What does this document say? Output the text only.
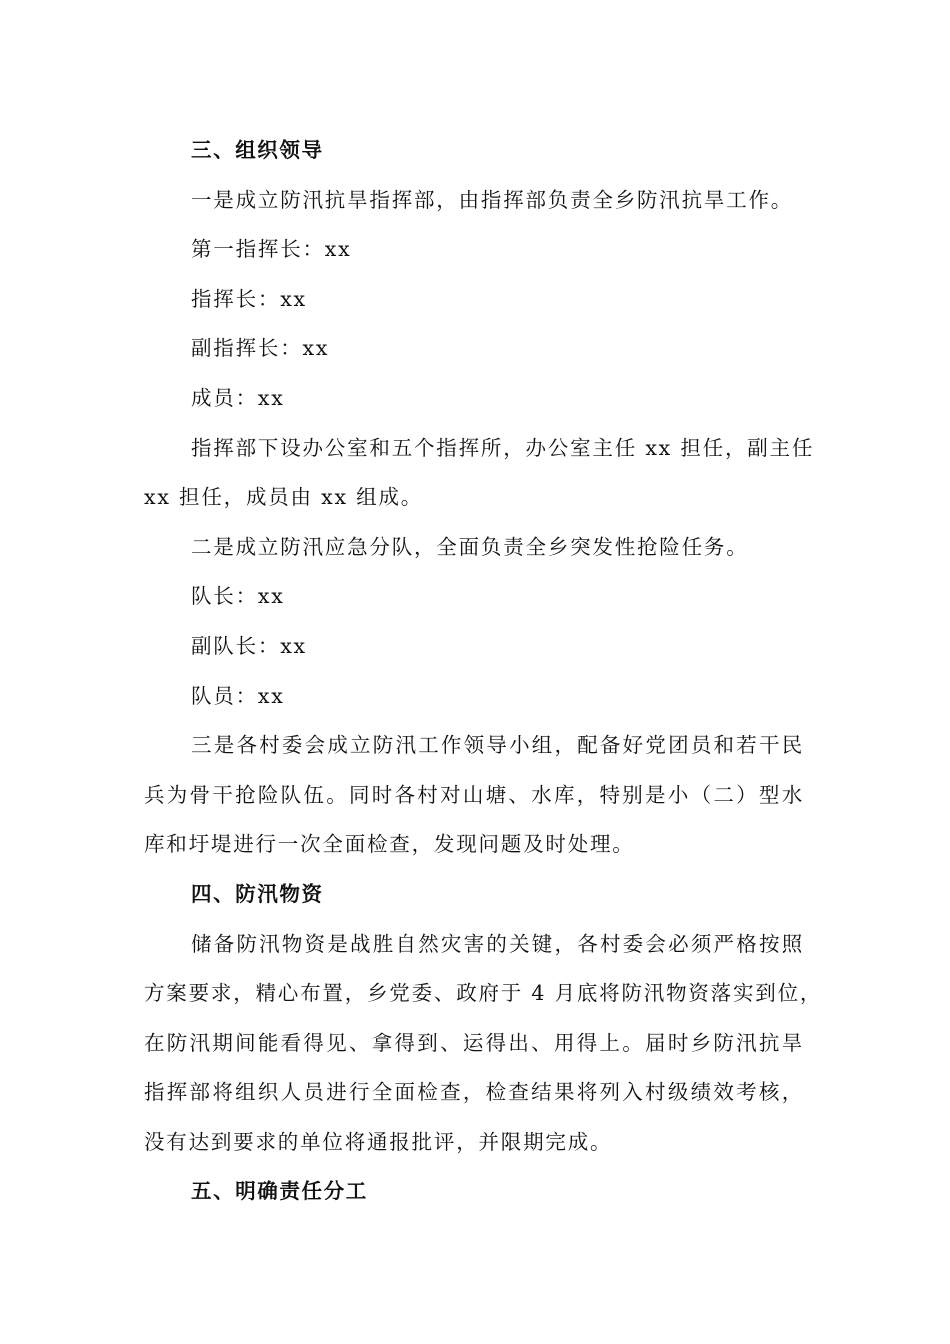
三、组织领导
一是成立防汛抗旱指挥部，由指挥部负责全乡防汛抗旱工作。
第一指挥长：xx
指挥长：xx
副指挥长：xx
成员：xx
指挥部下设办公室和五个指挥所，办公室主任 xx 担任，副主任
xx 担任，成员由 xx 组成。
二是成立防汛应急分队，全面负责全乡突发性抢险任务。
队长：xx
副队长：xx
队员：xx
三是各村委会成立防汛工作领导小组，配备好党团员和若干民
兵为骨干抢险队伍。同时各村对山塘、水库，特别是小（二）型水
库和圩堤进行一次全面检查，发现问题及时处理。
四、防汛物资
储备防汛物资是战胜自然灾害的关键，各村委会必须严格按照
方案要求，精心布置，乡党委、政府于 4 月底将防汛物资落实到位，
在防汛期间能看得见、拿得到、运得出、用得上。届时乡防汛抗旱
指挥部将组织人员进行全面检查，检查结果将列入村级绩效考核，
没有达到要求的单位将通报批评，并限期完成。
五、明确责任分工
